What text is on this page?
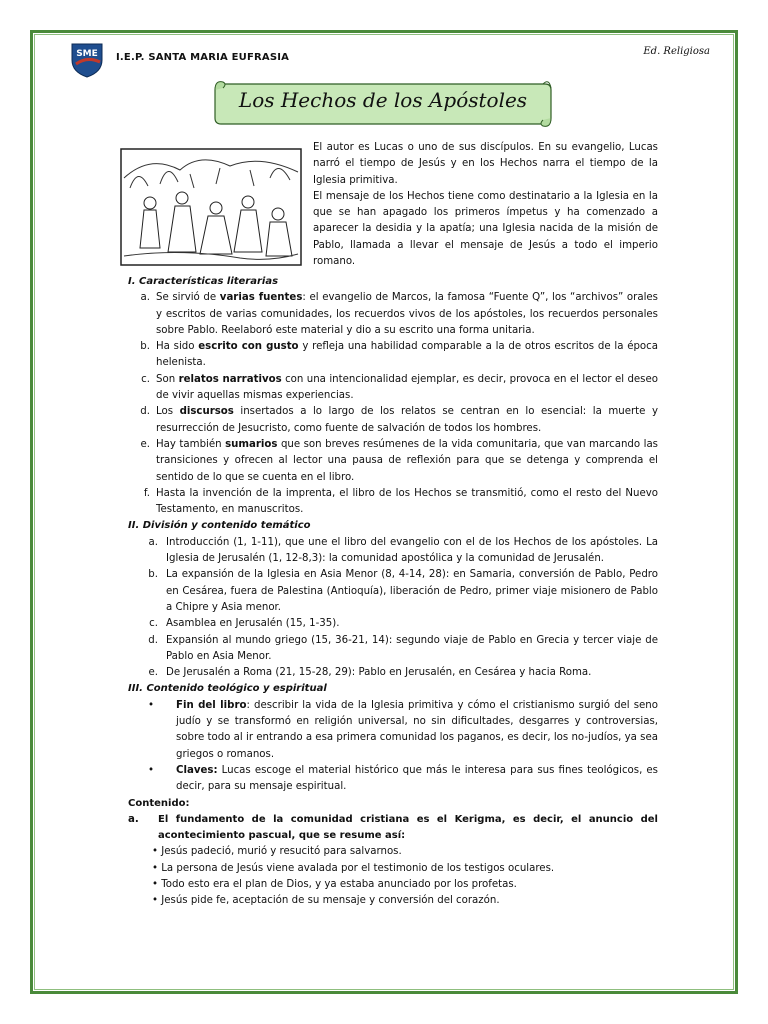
SME I.E.P. SANTA MARIA EUFRASIA
Ed. Religiosa
Los Hechos de los Apóstoles

El autor es Lucas o uno de sus discípulos. En su evangelio, Lucas narró el tiempo de Jesús y en los Hechos narra el tiempo de la Iglesia primitiva.

El mensaje de los Hechos tiene como destinatario a la Iglesia en la que se han apagado los primeros ímpetus y ha comenzado a aparecer la desidia y la apatía; una Iglesia nacida de la misión de Pablo, llamada a llevar el mensaje de Jesús a todo el imperio romano.

I. Características literarias

a. Se sirvió de varias fuentes: el evangelio de Marcos, la famosa “Fuente Q”, los “archivos” orales y escritos de varias comunidades, los recuerdos vivos de los apóstoles, los recuerdos personales sobre Pablo. Reelaboró este material y dio a su escrito una forma unitaria.
b. Ha sido escrito con gusto y refleja una habilidad comparable a la de otros escritos de la época helenista.
c. Son relatos narrativos con una intencionalidad ejemplar, es decir, provoca en el lector el deseo de vivir aquellas mismas experiencias.
d. Los discursos insertados a lo largo de los relatos se centran en lo esencial: la muerte y resurrección de Jesucristo, como fuente de salvación de todos los hombres.
e. Hay también sumarios que son breves resúmenes de la vida comunitaria, que van marcando las transiciones y ofrecen al lector una pausa de reflexión para que se detenga y comprenda el sentido de lo que se cuenta en el libro.
f. Hasta la invención de la imprenta, el libro de los Hechos se transmitió, como el resto del Nuevo Testamento, en manuscritos.

II. División y contenido temático

a. Introducción (1, 1-11), que une el libro del evangelio con el de los Hechos de los apóstoles. La Iglesia de Jerusalén (1, 12-8,3): la comunidad apostólica y la comunidad de Jerusalén.
b. La expansión de la Iglesia en Asia Menor (8, 4-14, 28): en Samaria, conversión de Pablo, Pedro en Cesárea, fuera de Palestina (Antioquía), liberación de Pedro, primer viaje misionero de Pablo a Chipre y Asia menor.
c. Asamblea en Jerusalén (15, 1-35).
d. Expansión al mundo griego (15, 36-21, 14): segundo viaje de Pablo en Grecia y tercer viaje de Pablo en Asia Menor.
e. De Jerusalén a Roma (21, 15-28, 29): Pablo en Jerusalén, en Cesárea y hacia Roma.

III. Contenido teológico y espiritual

• Fin del libro: describir la vida de la Iglesia primitiva y cómo el cristianismo surgió del seno judío y se transformó en religión universal, no sin dificultades, desgarres y controversias, sobre todo al ir entrando a esa primera comunidad los paganos, es decir, los no-judíos, ya sea griegos o romanos.
• Claves: Lucas escoge el material histórico que más le interesa para sus fines teológicos, es decir, para su mensaje espiritual.

Contenido:

a. El fundamento de la comunidad cristiana es el Kerigma, es decir, el anuncio del acontecimiento pascual, que se resume así:

• Jesús padeció, murió y resucitó para salvarnos.

• La persona de Jesús viene avalada por el testimonio de los testigos oculares.

• Todo esto era el plan de Dios, y ya estaba anunciado por los profetas.

• Jesús pide fe, aceptación de su mensaje y conversión del corazón.
